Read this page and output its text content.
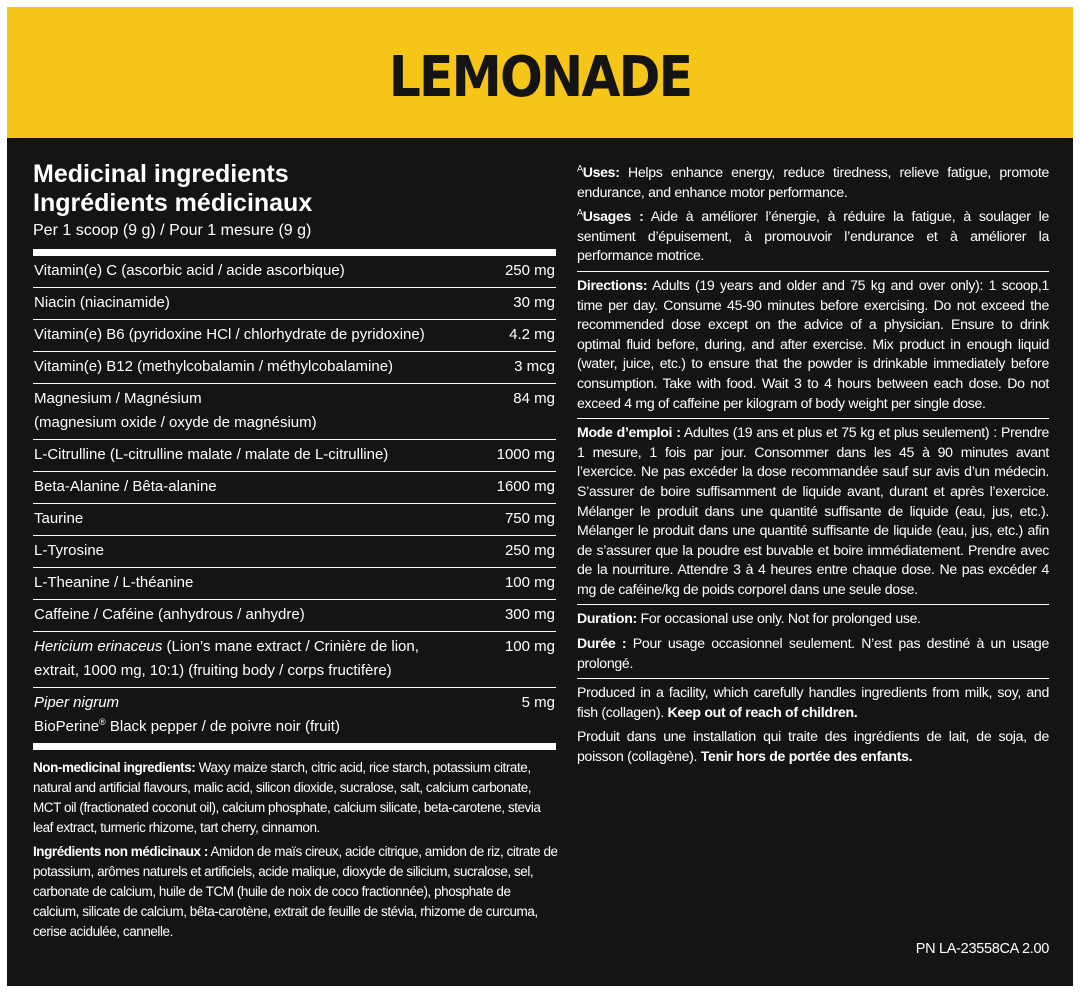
LEMONADE
Medicinal ingredients
Ingrédients médicinaux
Per 1 scoop (9 g) / Pour 1 mesure (9 g)
Vitamin(e) C (ascorbic acid / acide ascorbique)	250 mg
Niacin (niacinamide)	30 mg
Vitamin(e) B6 (pyridoxine HCl / chlorhydrate de pyridoxine)	4.2 mg
Vitamin(e) B12 (methylcobalamin / méthylcobalamine)	3 mcg
Magnesium / Magnésium
(magnesium oxide / oxyde de magnésium)
84 mg
L-Citrulline (L-citrulline malate / malate de L-citrulline)	1000 mg
Beta-Alanine / Bêta-alanine	1600 mg
Taurine	750 mg
L-Tyrosine	250 mg
L-Theanine / L-théanine	100 mg
Caffeine / Caféine (anhydrous / anhydre)	300 mg
Hericium erinaceus (Lion’s mane extract / Crinière de lion,
extrait, 1000 mg, 10:1) (fruiting body / corps fructifère)
100 mg
Piper nigrum
BioPerine® Black pepper / de poivre noir (fruit)
5 mg

Non-medicinal ingredients: Waxy maize starch, citric acid, rice starch, potassium citrate, natural and artificial flavours, malic acid, silicon dioxide, sucralose, salt, calcium carbonate, MCT oil (fractionated coconut oil), calcium phosphate, calcium silicate, beta-carotene, stevia leaf extract, turmeric rhizome, tart cherry, cinnamon.

Ingrédients non médicinaux : Amidon de maïs cireux, acide citrique, amidon de riz, citrate de potassium, arômes naturels et artificiels, acide malique, dioxyde de silicium, sucralose, sel, carbonate de calcium, huile de TCM (huile de noix de coco fractionnée), phosphate de calcium, silicate de calcium, bêta-carotène, extrait de feuille de stévia, rhizome de curcuma, cerise acidulée, cannelle.

$^A$Uses: Helps enhance energy, reduce tiredness, relieve fatigue, promote endurance, and enhance motor performance.

$^A$Usages : Aide à améliorer l’énergie, à réduire la fatigue, à soulager le sentiment d’épuisement, à promouvoir l’endurance et à améliorer la performance motrice.

Directions: Adults (19 years and older and 75 kg and over only): 1 scoop,1 time per day. Consume 45-90 minutes before exercising. Do not exceed the recommended dose except on the advice of a physician. Ensure to drink optimal fluid before, during, and after exercise. Mix product in enough liquid (water, juice, etc.) to ensure that the powder is drinkable immediately before consumption. Take with food. Wait 3 to 4 hours between each dose. Do not exceed 4 mg of caffeine per kilogram of body weight per single dose.

Mode d’emploi : Adultes (19 ans et plus et 75 kg et plus seulement) : Prendre 1 mesure, 1 fois par jour. Consommer dans les 45 à 90 minutes avant l’exercice. Ne pas excéder la dose recommandée sauf sur avis d’un médecin. S’assurer de boire suffisamment de liquide avant, durant et après l’exercice. Mélanger le produit dans une quantité suffisante de liquide (eau, jus, etc.). Mélanger le produit dans une quantité suffisante de liquide (eau, jus, etc.) afin de s’assurer que la poudre est buvable et boire immédiatement. Prendre avec de la nourriture. Attendre 3 à 4 heures entre chaque dose. Ne pas excéder 4 mg de caféine/kg de poids corporel dans une seule dose.

Duration: For occasional use only. Not for prolonged use.

Durée : Pour usage occasionnel seulement. N’est pas destiné à un usage prolongé.

Produced in a facility, which carefully handles ingredients from milk, soy, and fish (collagen). Keep out of reach of children.

Produit dans une installation qui traite des ingrédients de lait, de soja, de poisson (collagène). Tenir hors de portée des enfants.

PN LA-23558CA 2.00
